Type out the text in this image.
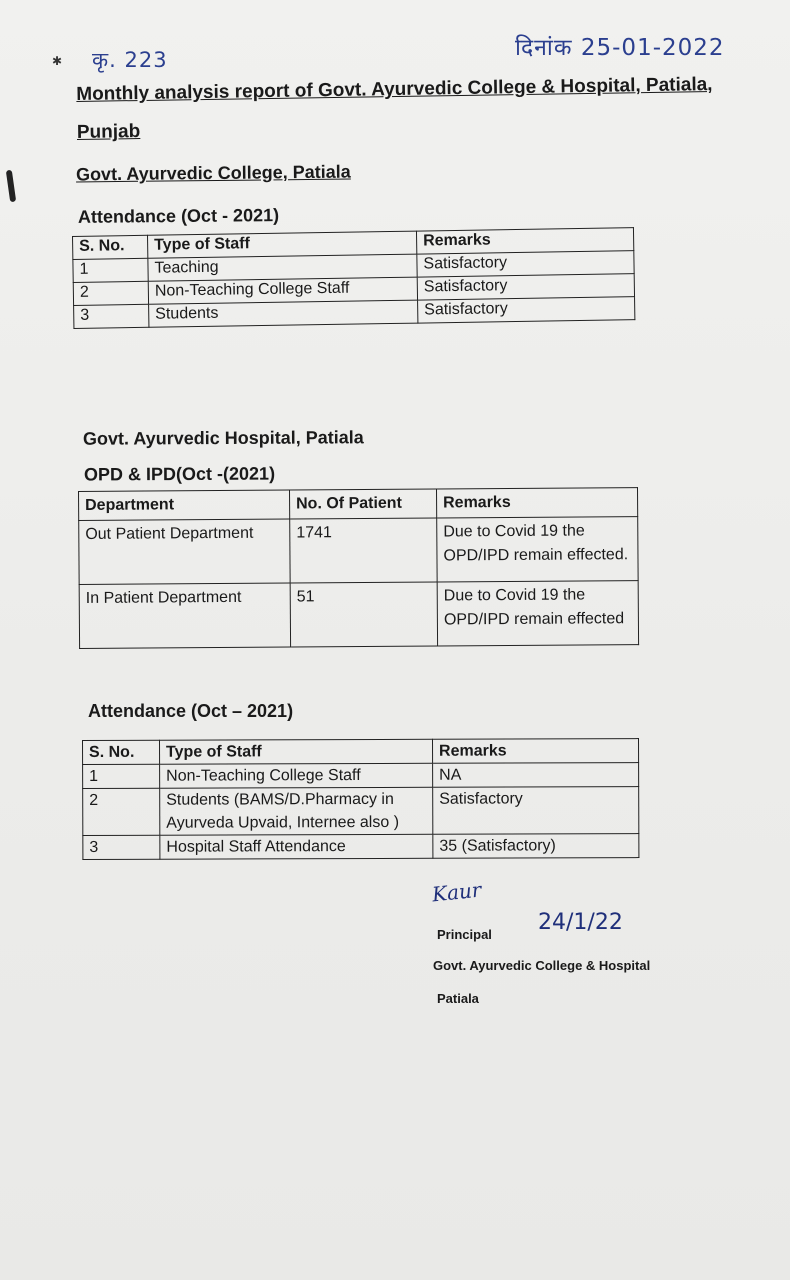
✱ कृ. 223	दिनांक 25-01-2022
Monthly analysis report of Govt. Ayurvedic College & Hospital, Patiala, Punjab
Govt. Ayurvedic College, Patiala
Attendance (Oct - 2021)
S. No.	Type of Staff	Remarks
1	Teaching	Satisfactory
2	Non-Teaching College Staff	Satisfactory
3	Students	Satisfactory
Govt. Ayurvedic Hospital, Patiala
OPD & IPD(Oct -(2021)
Department	No. Of Patient	Remarks
Out Patient Department	1741	Due to Covid 19 the OPD/IPD remain effected.
In Patient Department	51	Due to Covid 19 the OPD/IPD remain effected
Attendance (Oct – 2021)
S. No.	Type of Staff	Remarks
1	Non-Teaching College Staff	NA
2	Students (BAMS/D.Pharmacy in Ayurveda Upvaid, Internee also )	Satisfactory
3	Hospital Staff Attendance	35 (Satisfactory)
Kaur
24/1/22
Principal
Govt. Ayurvedic College & Hospital
Patiala
